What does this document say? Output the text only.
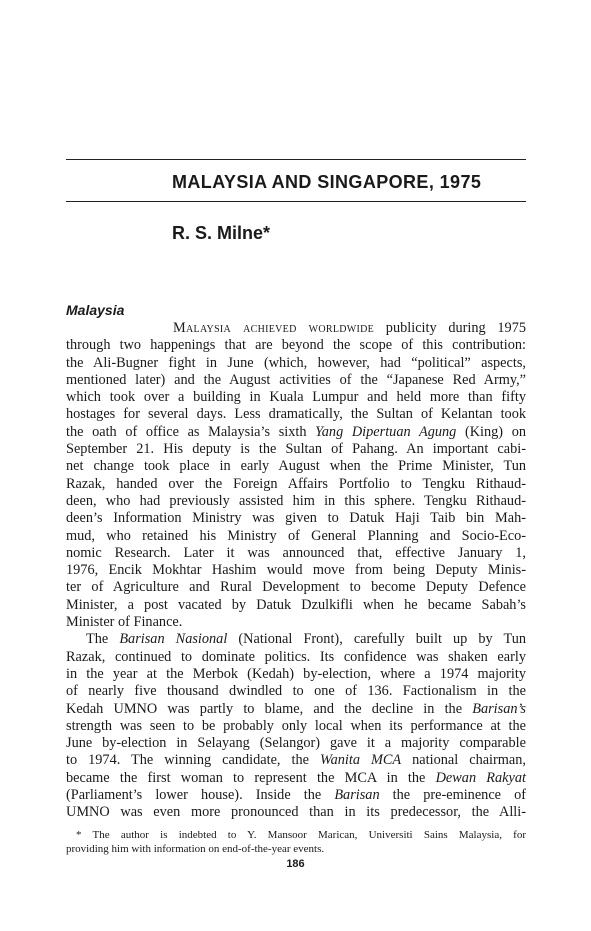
MALAYSIA AND SINGAPORE, 1975
R. S. Milne*
Malaysia
Malaysia achieved worldwide publicity during 1975
through two happenings that are beyond the scope of this contribution:
the Ali-Bugner fight in June (which, however, had “political” aspects,
mentioned later) and the August activities of the “Japanese Red Army,”
which took over a building in Kuala Lumpur and held more than fifty
hostages for several days. Less dramatically, the Sultan of Kelantan took
the oath of office as Malaysia’s sixth Yang Dipertuan Agung (King) on
September 21. His deputy is the Sultan of Pahang. An important cabi-
net change took place in early August when the Prime Minister, Tun
Razak, handed over the Foreign Affairs Portfolio to Tengku Rithaud-
deen, who had previously assisted him in this sphere. Tengku Rithaud-
deen’s Information Ministry was given to Datuk Haji Taib bin Mah-
mud, who retained his Ministry of General Planning and Socio-Eco-
nomic Research. Later it was announced that, effective January 1,
1976, Encik Mokhtar Hashim would move from being Deputy Minis-
ter of Agriculture and Rural Development to become Deputy Defence
Minister, a post vacated by Datuk Dzulkifli when he became Sabah’s
Minister of Finance.
The Barisan Nasional (National Front), carefully built up by Tun
Razak, continued to dominate politics. Its confidence was shaken early
in the year at the Merbok (Kedah) by-election, where a 1974 majority
of nearly five thousand dwindled to one of 136. Factionalism in the
Kedah UMNO was partly to blame, and the decline in the Barisan’s
strength was seen to be probably only local when its performance at the
June by-election in Selayang (Selangor) gave it a majority comparable
to 1974. The winning candidate, the Wanita MCA national chairman,
became the first woman to represent the MCA in the Dewan Rakyat
(Parliament’s lower house). Inside the Barisan the pre-eminence of
UMNO was even more pronounced than in its predecessor, the Alli-
* The author is indebted to Y. Mansoor Marican, Universiti Sains Malaysia, for
providing him with information on end-of-the-year events.
186
